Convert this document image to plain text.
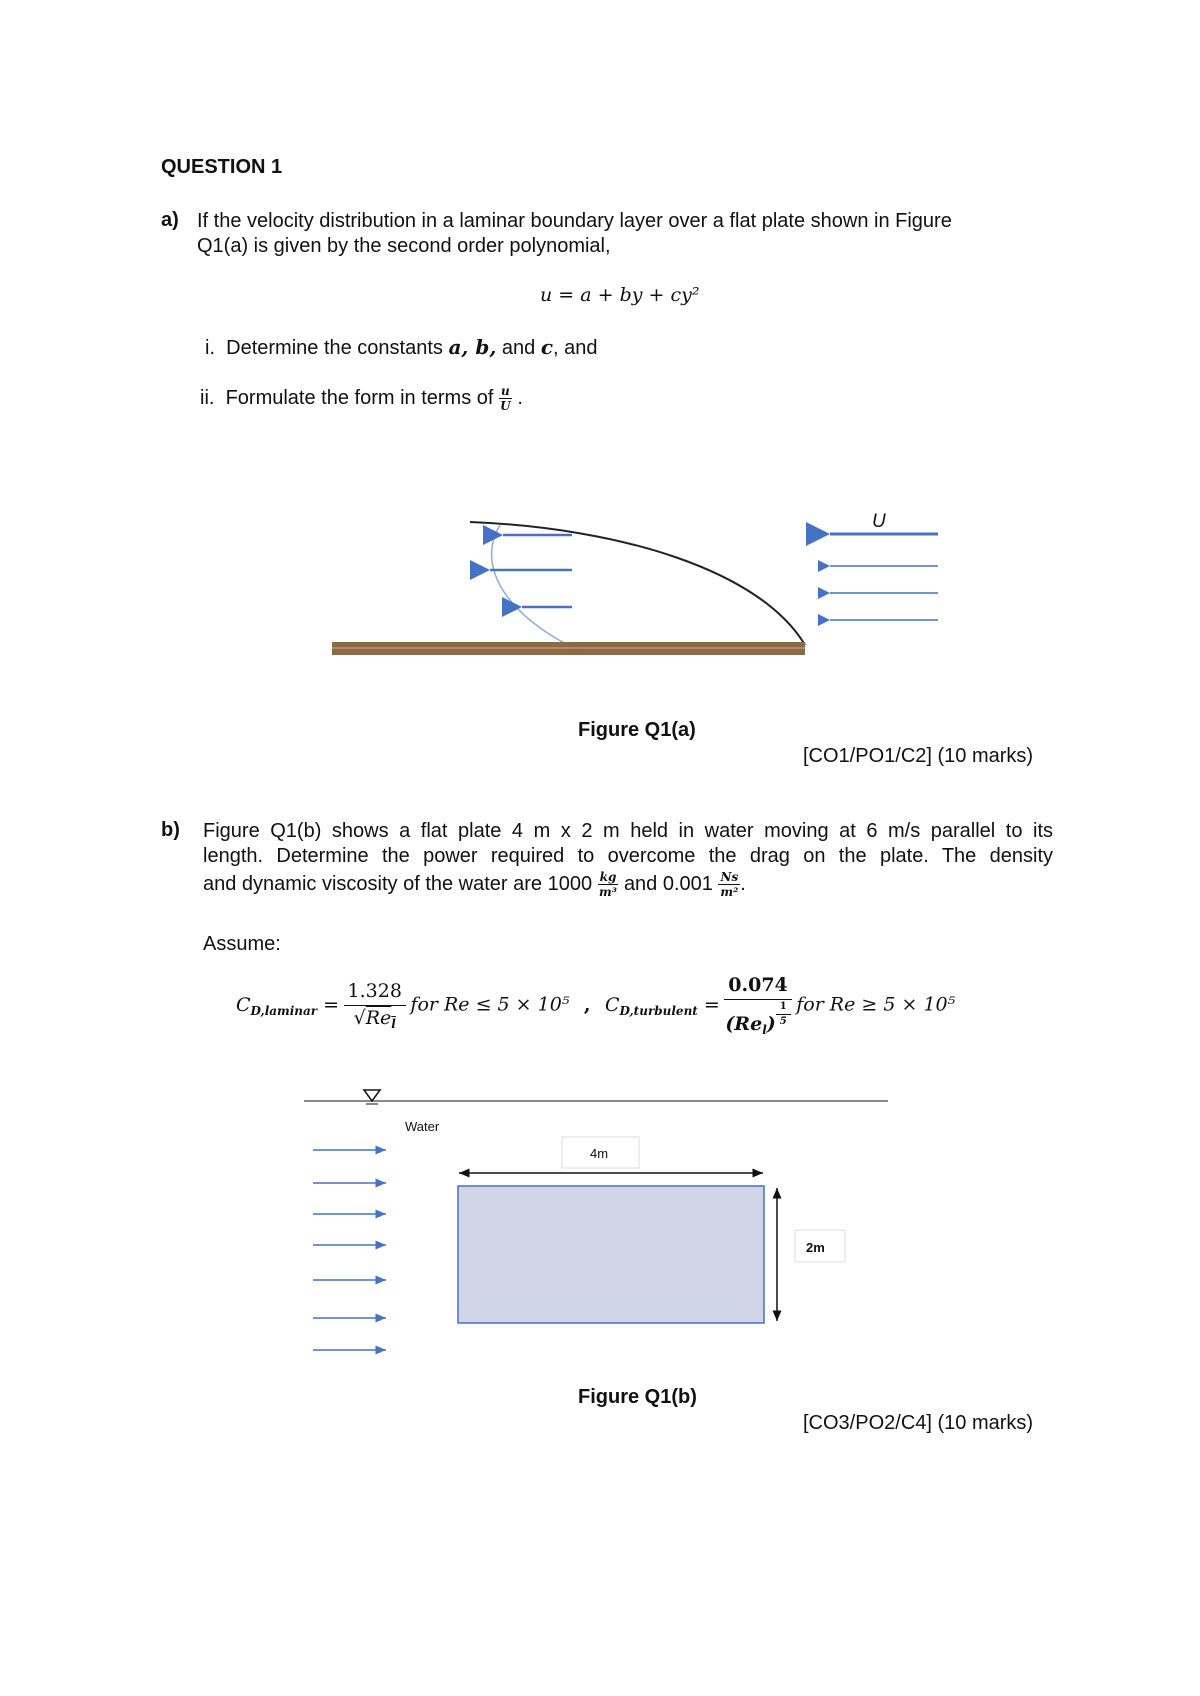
QUESTION 1
a) If the velocity distribution in a laminar boundary layer over a flat plate shown in Figure
Q1(a) is given by the second order polynomial,
u = a + by + cy²
i. Determine the constants a, b, and c, and
ii. Formulate the form in terms of $\frac{u}{U}$ .
U
Figure Q1(a)
[CO1/PO1/C2] (10 marks)
b) Figure Q1(b) shows a flat plate 4 m x 2 m held in water moving at 6 m/s parallel to its
length. Determine the power required to overcome the drag on the plate. The density
and dynamic viscosity of the water are $1000 \frac{kg}{\text{m³}}$ and $0.001 \frac{Ns}{\text{m²}}$ .
Assume:
$C_{D,laminar} = \frac{1.328}{√Re_l}$ for Re ≤ 5 × 10⁵ , $C_{D,turbulent} = \frac{0.074}{(Re_l) \frac{1}{5}}$ for Re ≥ 5 × 10⁵
Water
4m
2m
Figure Q1(b)
[CO3/PO2/C4] (10 marks)
